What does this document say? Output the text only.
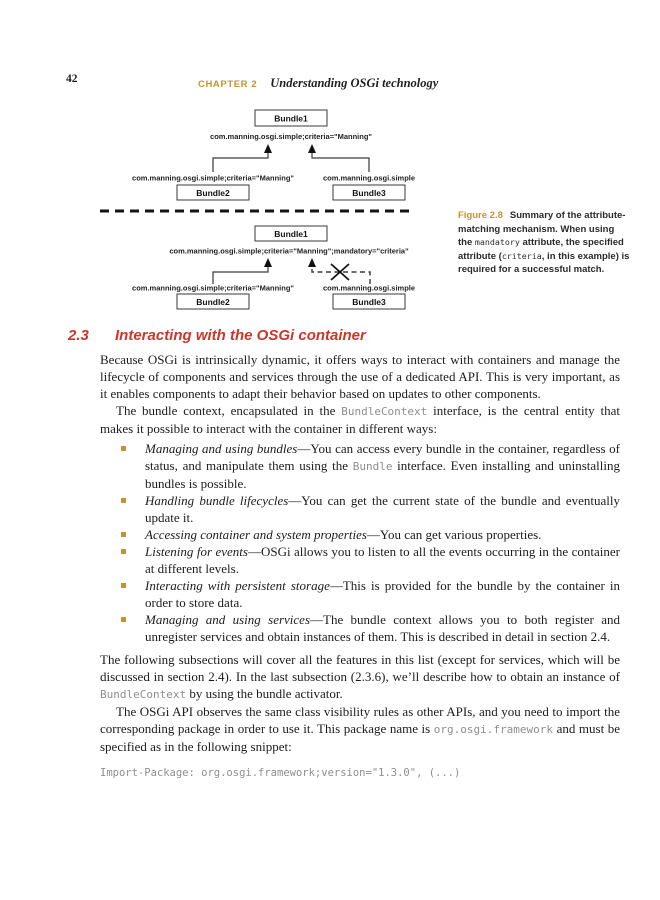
42	CHAPTER 2 Understanding OSGi technology
Bundle1
com.manning.osgi.simple;criteria="Manning"
com.manning.osgi.simple;criteria="Manning"
Bundle2
com.manning.osgi.simple
Bundle3
Bundle1
com.manning.osgi.simple;criteria="Manning";mandatory="criteria"
com.manning.osgi.simple;criteria="Manning"
Bundle2
com.manning.osgi.simple
Bundle3
Figure 2.8 Summary of the attribute-matching mechanism. When using the mandatory attribute, the specified attribute (criteria, in this example) is required for a successful match.
2.3 Interacting with the OSGi container

Because OSGi is intrinsically dynamic, it offers ways to interact with containers and manage the lifecycle of components and services through the use of a dedicated API. This is very important, as it enables components to adapt their behavior based on updates to other components.

The bundle context, encapsulated in the BundleContext interface, is the central entity that makes it possible to interact with the container in different ways:

Managing and using bundles—You can access every bundle in the container, regardless of status, and manipulate them using the Bundle interface. Even installing and uninstalling bundles is possible.
Handling bundle lifecycles—You can get the current state of the bundle and eventually update it.
Accessing container and system properties—You can get various properties.
Listening for events—OSGi allows you to listen to all the events occurring in the container at different levels.
Interacting with persistent storage—This is provided for the bundle by the container in order to store data.
Managing and using services—The bundle context allows you to both register and unregister services and obtain instances of them. This is described in detail in section 2.4.

The following subsections will cover all the features in this list (except for services, which will be discussed in section 2.4). In the last subsection (2.3.6), we’ll describe how to obtain an instance of BundleContext by using the bundle activator.

The OSGi API observes the same class visibility rules as other APIs, and you need to import the corresponding package in order to use it. This package name is org.osgi.framework and must be specified as in the following snippet:

Import-Package: org.osgi.framework;version="1.3.0", (...)
